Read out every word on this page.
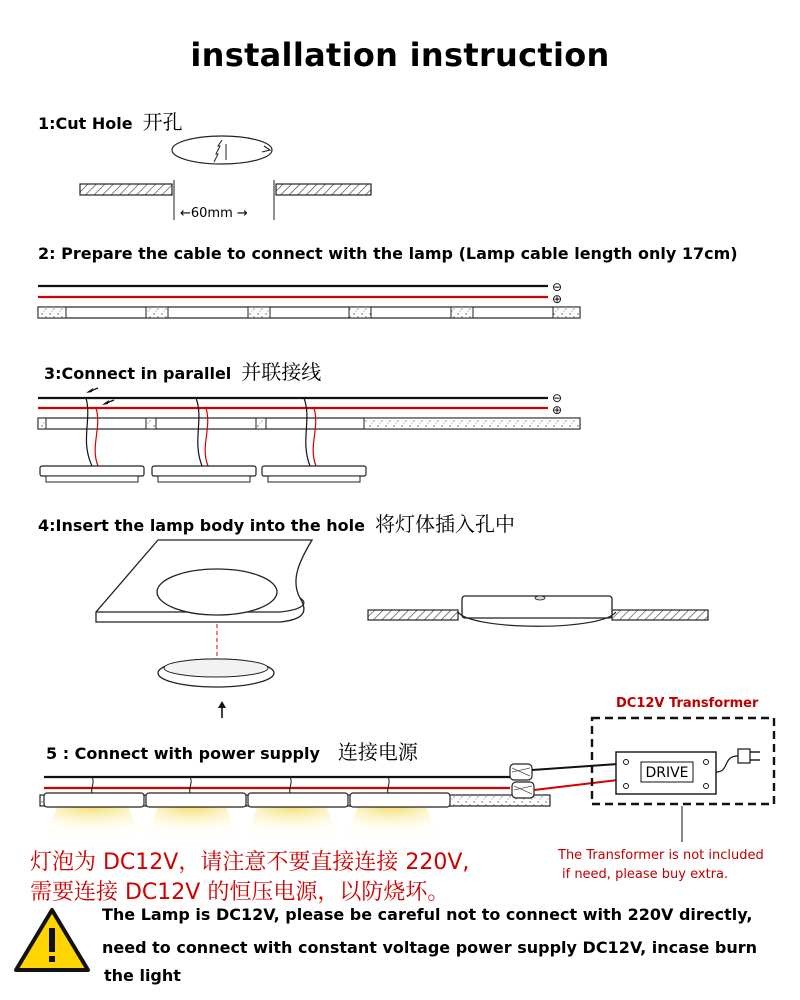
installation instruction
1:Cut Hole 开孔
2: Prepare the cable to connect with the lamp (Lamp cable length only 17cm)
3:Connect in parallel 并联接线
4:Insert the lamp body into the hole 将灯体插入孔中
5 : Connect with power supply 连接电源
←60mm →
⊖
⊕
⊖
⊕
DRIVE
DC12V Transformer
The Transformer is not included
if need, please buy extra.
灯泡为 DC12V，请注意不要直接连接 220V,
需要连接 DC12V 的恒压电源，以防烧坏。
The Lamp is DC12V, please be careful not to connect with 220V directly,
need to connect with constant voltage power supply DC12V, incase burn
the light
